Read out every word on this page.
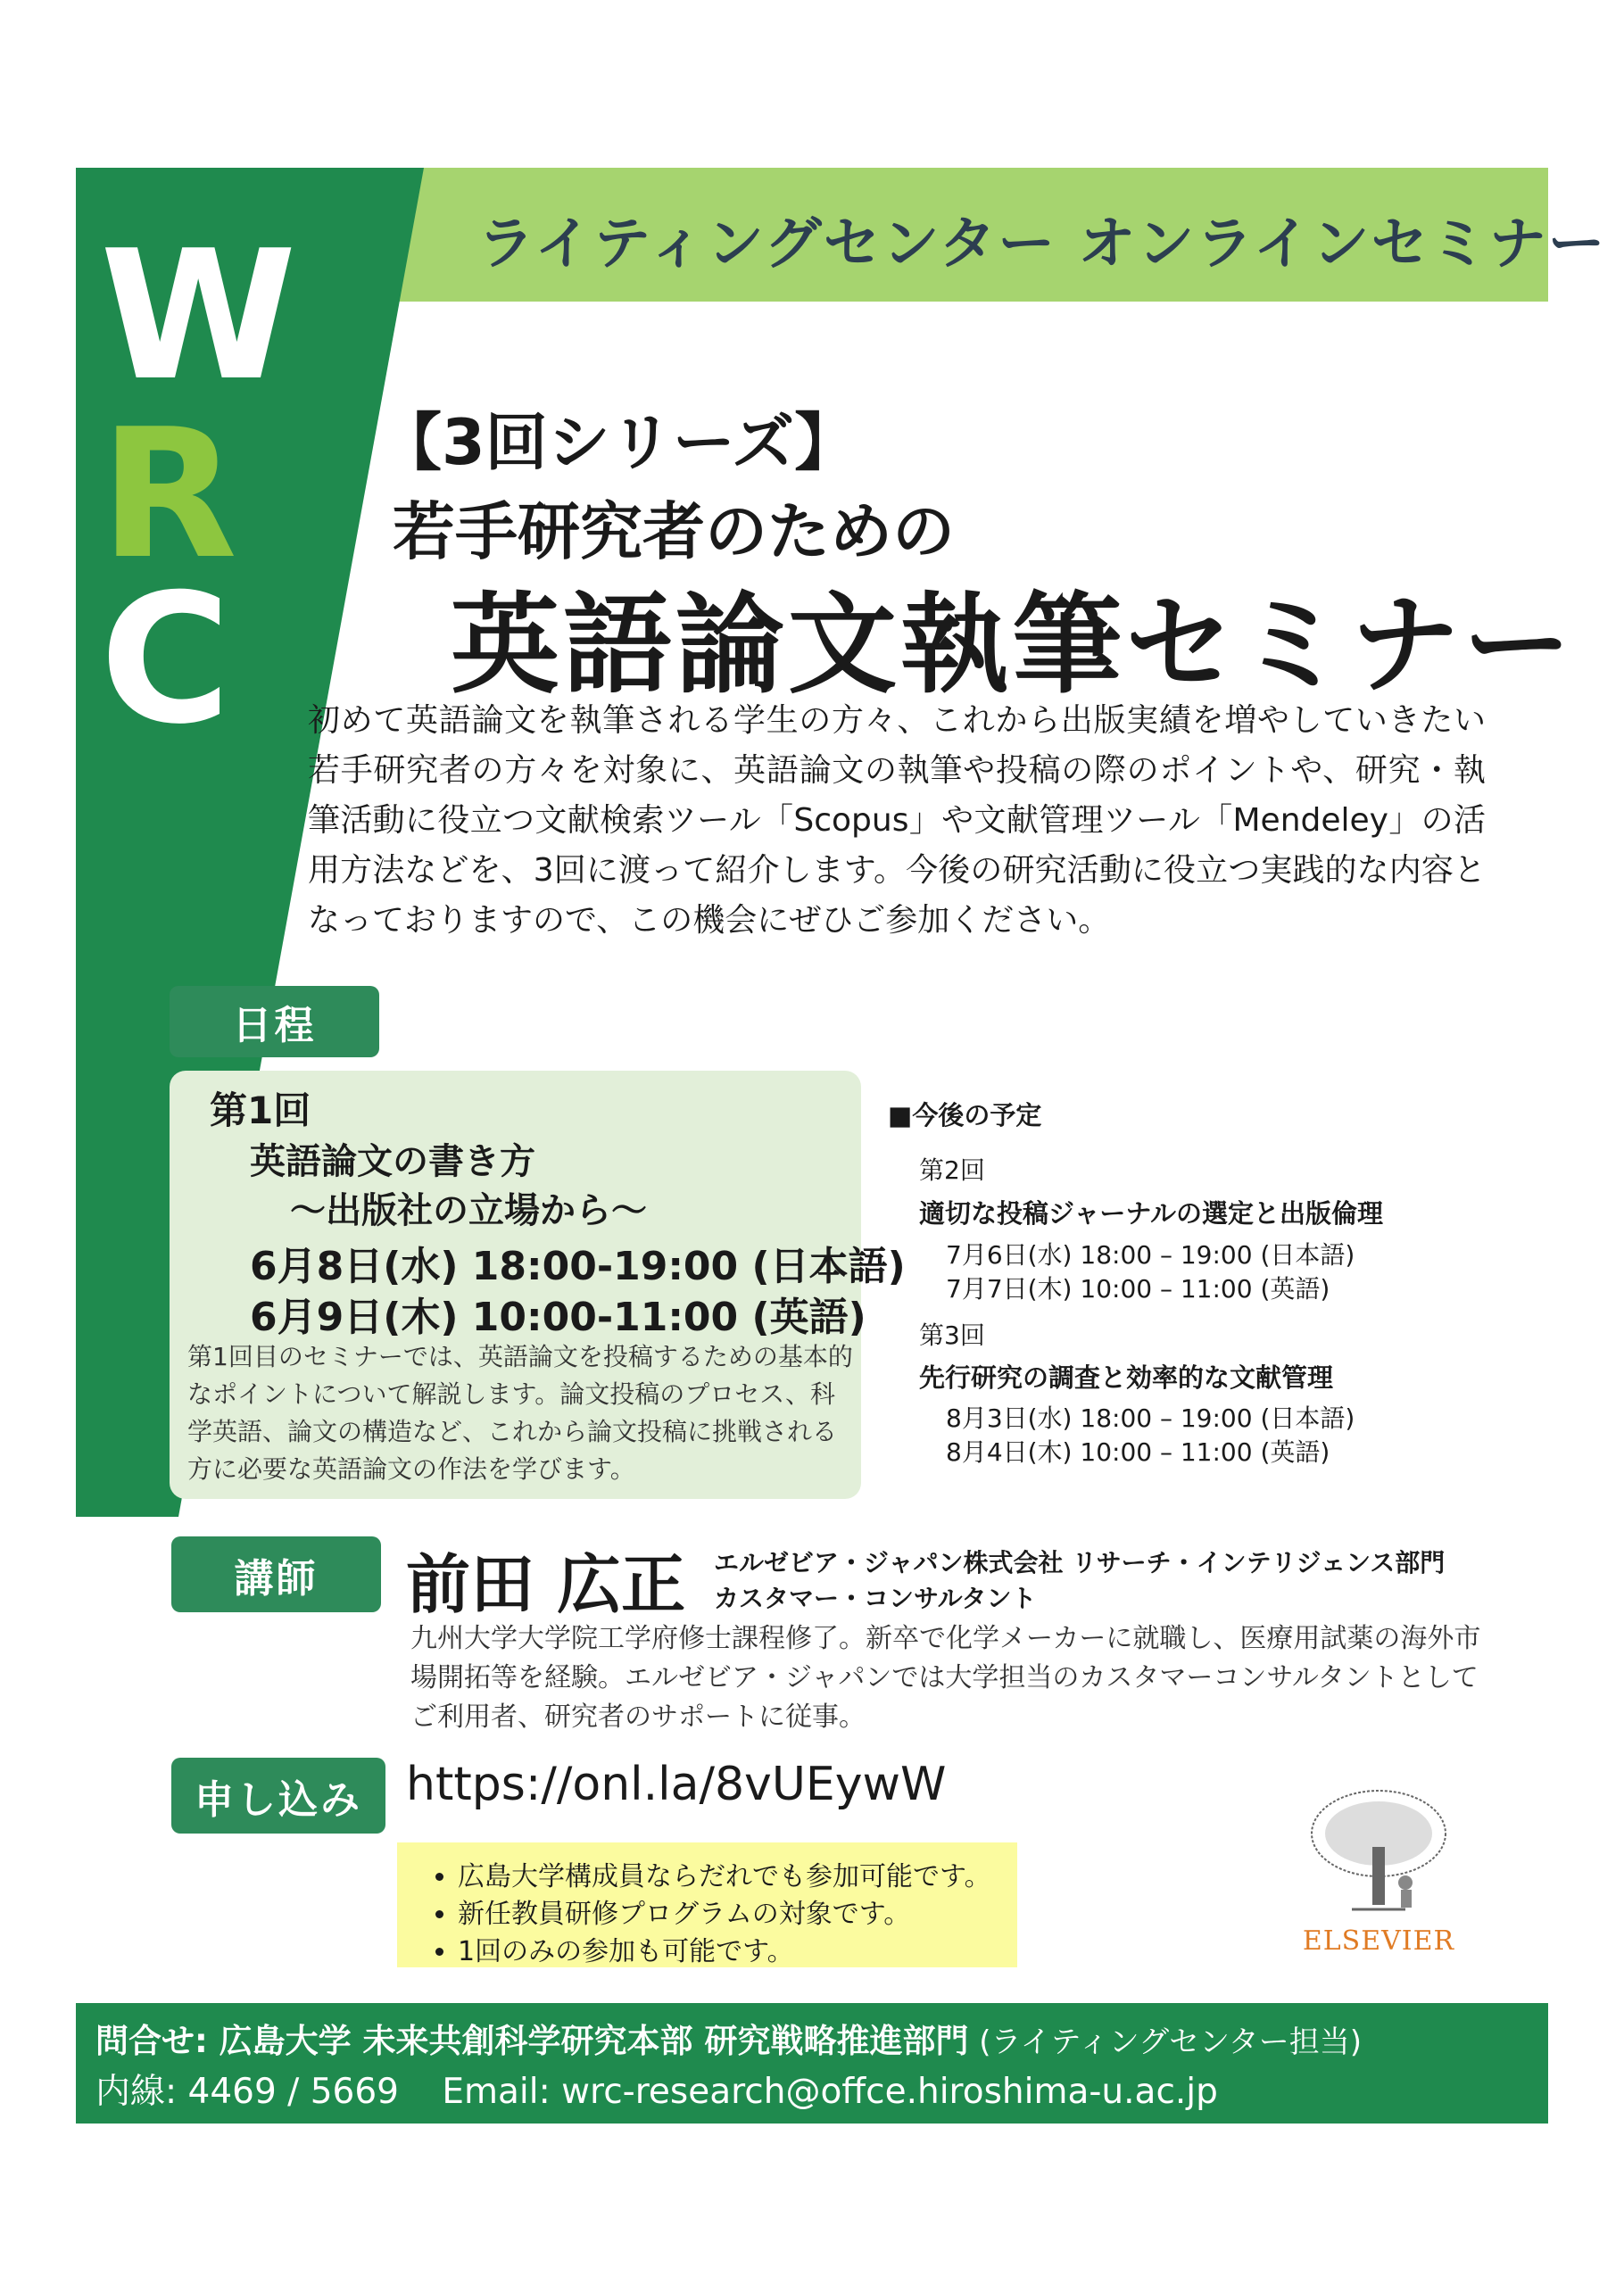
W
R
C
ライティングセンター オンラインセミナー
【3回シリーズ】
若手研究者のための
英語論文執筆セミナー
初めて英語論文を執筆される学生の方々、これから出版実績を増やしていきたい若手研究者の方々を対象に、英語論文の執筆や投稿の際のポイントや、研究・執筆活動に役立つ文献検索ツール「Scopus」や文献管理ツール「Mendeley」の活用方法などを、3回に渡って紹介します。今後の研究活動に役立つ実践的な内容となっておりますので、この機会にぜひご参加ください。
日程
第1回
英語論文の書き方
～出版社の立場から～
6月8日(水) 18:00-19:00 (日本語)
6月9日(木) 10:00-11:00 (英語)
第1回目のセミナーでは、英語論文を投稿するための基本的なポイントについて解説します。論文投稿のプロセス、科学英語、論文の構造など、これから論文投稿に挑戦される方に必要な英語論文の作法を学びます。
■今後の予定
第2回
適切な投稿ジャーナルの選定と出版倫理
7月6日(水) 18:00 – 19:00 (日本語)
7月7日(木) 10:00 – 11:00 (英語)
第3回
先行研究の調査と効率的な文献管理
8月3日(水) 18:00 – 19:00 (日本語)
8月4日(木) 10:00 – 11:00 (英語)
講師	前田 広正 エルゼビア・ジャパン株式会社 リサーチ・インテリジェンス部門
カスタマー・コンサルタント
九州大学大学院工学府修士課程修了。新卒で化学メーカーに就職し、医療用試薬の海外市場開拓等を経験。エルゼビア・ジャパンでは大学担当のカスタマーコンサルタントとしてご利用者、研究者のサポートに従事。
申し込み https://onl.la/8vUEywW
• 広島大学構成員ならだれでも参加可能です。
• 新任教員研修プログラムの対象です。
• 1回のみの参加も可能です。	ELSEVIER
問合せ: 広島大学 未来共創科学研究本部 研究戦略推進部門 (ライティングセンター担当)
内線: 4469 / 5669 Email: wrc-research@offce.hiroshima-u.ac.jp
